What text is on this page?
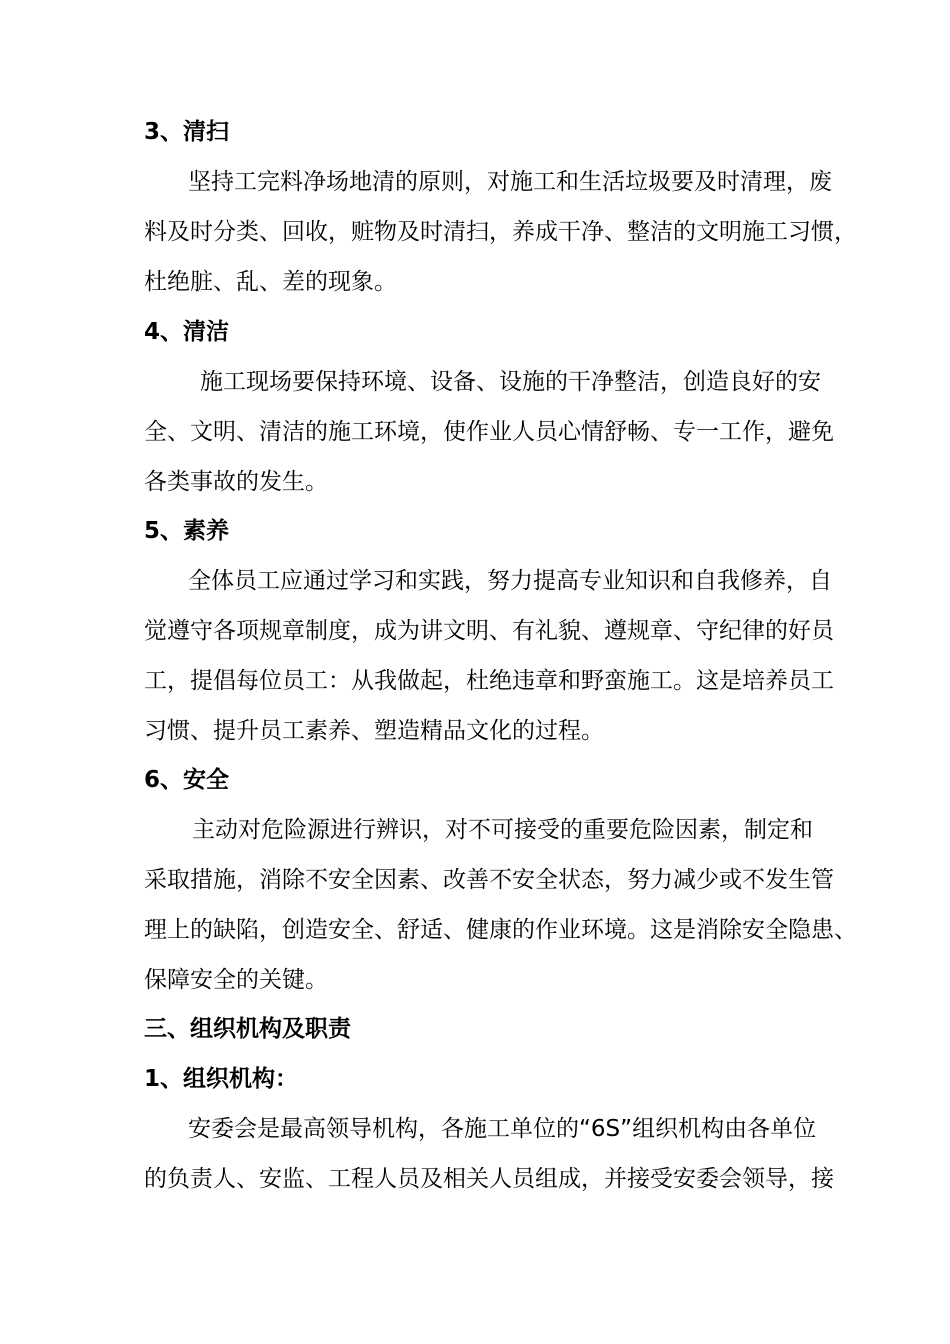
3、清扫
坚持工完料净场地清的原则，对施工和生活垃圾要及时清理，废
料及时分类、回收，赃物及时清扫，养成干净、整洁的文明施工习惯，
杜绝脏、乱、差的现象。
4、清洁
施工现场要保持环境、设备、设施的干净整洁，创造良好的安
全、文明、清洁的施工环境，使作业人员心情舒畅、专一工作，避免
各类事故的发生。
5、素养
全体员工应通过学习和实践，努力提高专业知识和自我修养，自
觉遵守各项规章制度，成为讲文明、有礼貌、遵规章、守纪律的好员
工，提倡每位员工：从我做起，杜绝违章和野蛮施工。这是培养员工
习惯、提升员工素养、塑造精品文化的过程。
6、安全
主动对危险源进行辨识，对不可接受的重要危险因素，制定和
采取措施，消除不安全因素、改善不安全状态，努力减少或不发生管
理上的缺陷，创造安全、舒适、健康的作业环境。这是消除安全隐患、
保障安全的关键。
三、组织机构及职责
1、组织机构：
安委会是最高领导机构，各施工单位的“6S”组织机构由各单位
的负责人、安监、工程人员及相关人员组成，并接受安委会领导，接
